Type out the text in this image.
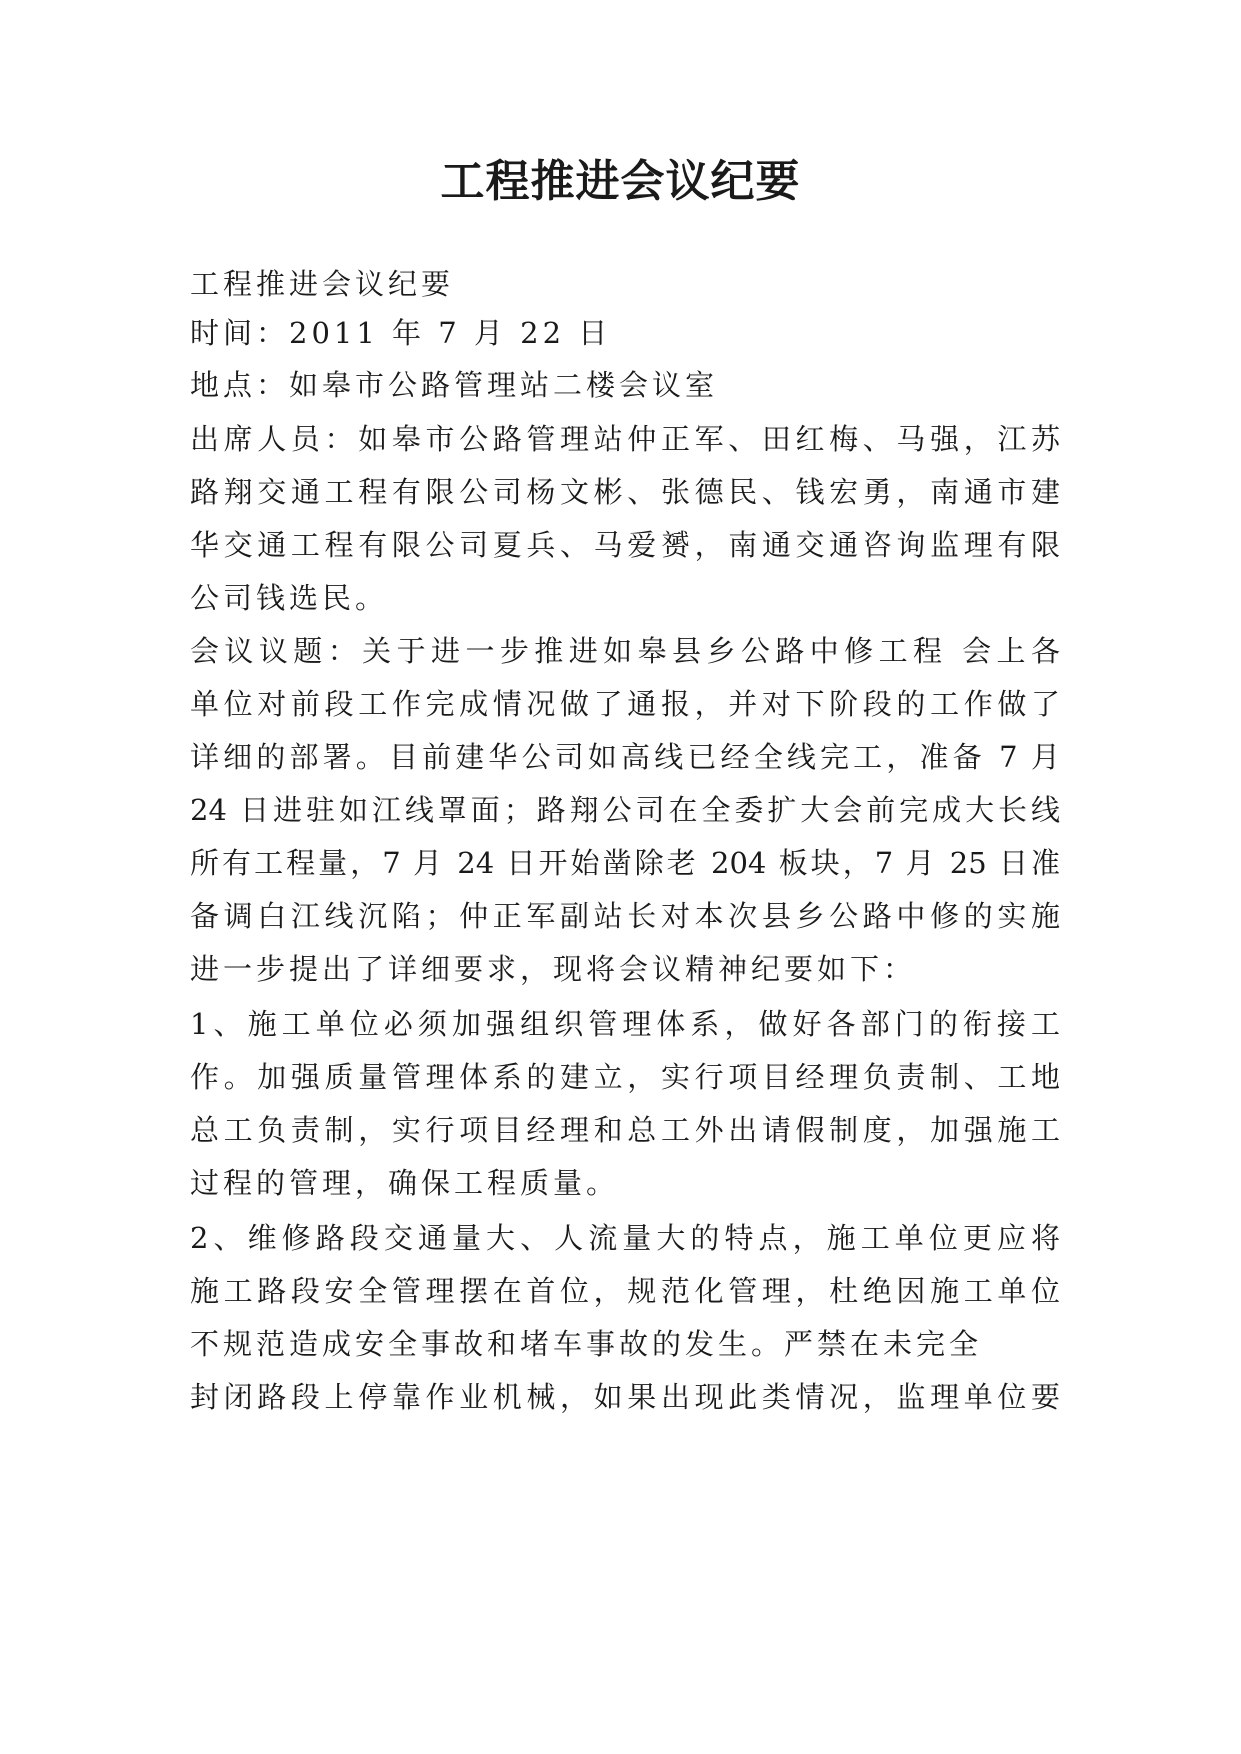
工程推进会议纪要
工程推进会议纪要
时间：2011 年 7 月 22 日
地点：如皋市公路管理站二楼会议室
出席人员：如皋市公路管理站仲正军、田红梅、马强，江苏
路翔交通工程有限公司杨文彬、张德民、钱宏勇，南通市建
华交通工程有限公司夏兵、马爱赟，南通交通咨询监理有限
公司钱选民。
会议议题：关于进一步推进如皋县乡公路中修工程 会上各
单位对前段工作完成情况做了通报，并对下阶段的工作做了
详细的部署。目前建华公司如高线已经全线完工，准备 7 月
24 日进驻如江线罩面；路翔公司在全委扩大会前完成大长线
所有工程量，7 月 24 日开始凿除老 204 板块，7 月 25 日准
备调白江线沉陷；仲正军副站长对本次县乡公路中修的实施
进一步提出了详细要求，现将会议精神纪要如下：
1、施工单位必须加强组织管理体系，做好各部门的衔接工
作。加强质量管理体系的建立，实行项目经理负责制、工地
总工负责制，实行项目经理和总工外出请假制度，加强施工
过程的管理，确保工程质量。
2、维修路段交通量大、人流量大的特点，施工单位更应将
施工路段安全管理摆在首位，规范化管理，杜绝因施工单位
不规范造成安全事故和堵车事故的发生。严禁在未完全
封闭路段上停靠作业机械，如果出现此类情况，监理单位要
